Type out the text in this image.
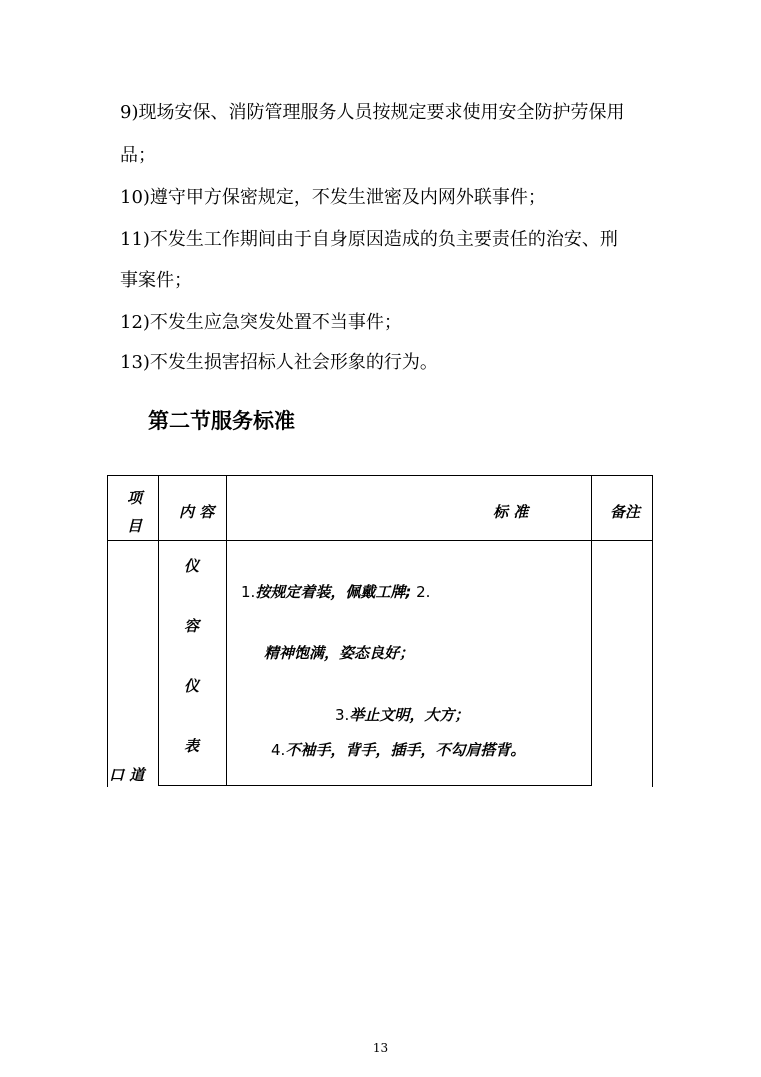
9)现场安保、消防管理服务人员按规定要求使用安全防护劳保用
品；
10)遵守甲方保密规定，不发生泄密及内网外联事件；
11)不发生工作期间由于自身原因造成的负主要责任的治安、刑
事案件；
12)不发生应急突发处置不当事件；
13)不发生损害招标人社会形象的行为。
第二节服务标准
项
目
内 容	标 准	备注
口 道
仪
容
仪
表
1.按规定着装，佩戴工牌; 2.
精神饱满，姿态良好；
3.举止文明，大方；
4.不袖手，背手，插手，不勾肩搭背。
13
